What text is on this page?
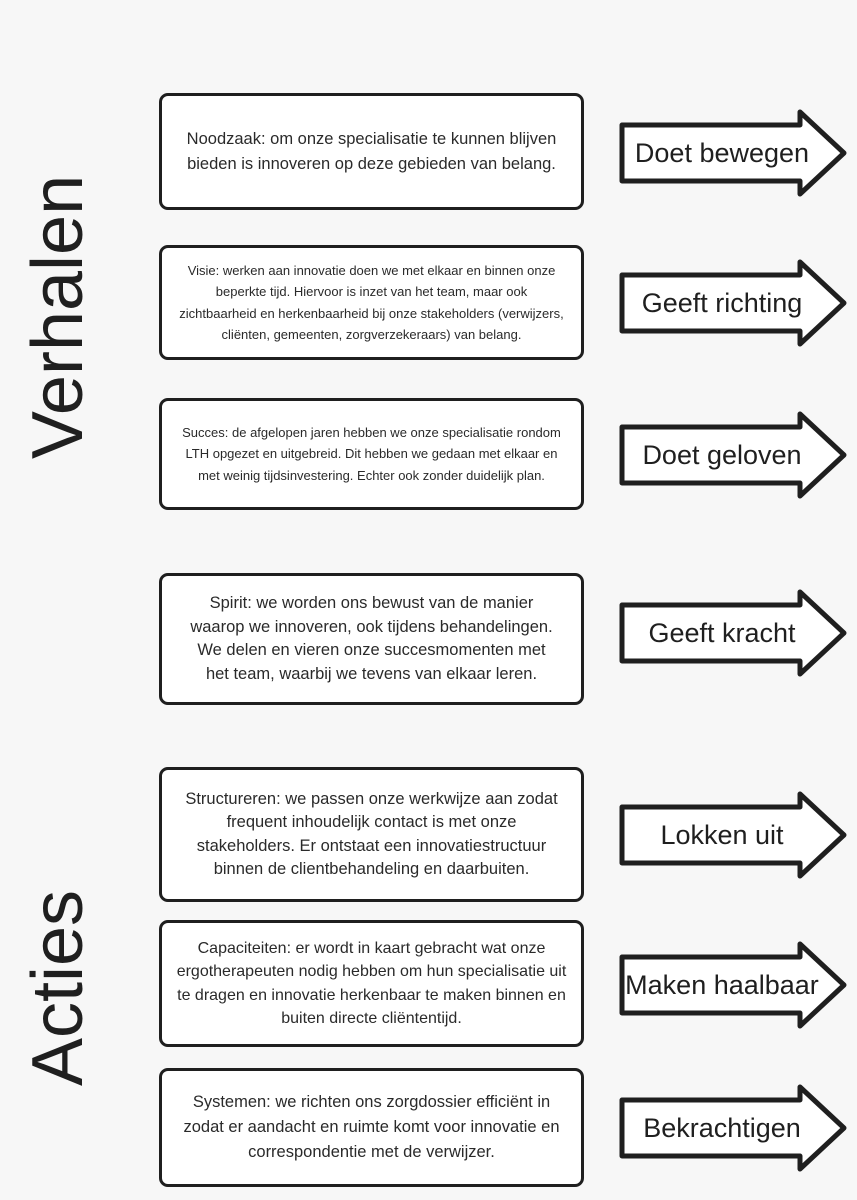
Verhalen
Acties
Noodzaak: om onze specialisatie te kunnen blijven bieden is innoveren op deze gebieden van belang.	Doet bewegen
Visie: werken aan innovatie doen we met elkaar en binnen onze beperkte tijd. Hiervoor is inzet van het team, maar ook zichtbaarheid en herkenbaarheid bij onze stakeholders (verwijzers, cliënten, gemeenten, zorgverzekeraars) van belang.
Geeft richting
Succes: de afgelopen jaren hebben we onze specialisatie rondom LTH opgezet en uitgebreid. Dit hebben we gedaan met elkaar en met weinig tijdsinvestering. Echter ook zonder duidelijk plan.
Doet geloven
Spirit: we worden ons bewust van de manier waarop we innoveren, ook tijdens behandelingen. We delen en vieren onze succesmomenten met het team, waarbij we tevens van elkaar leren.
Geeft kracht
Structureren: we passen onze werkwijze aan zodat frequent inhoudelijk contact is met onze stakeholders. Er ontstaat een innovatiestructuur binnen de clientbehandeling en daarbuiten.
Lokken uit
Capaciteiten: er wordt in kaart gebracht wat onze ergotherapeuten nodig hebben om hun specialisatie uit te dragen en innovatie herkenbaar te maken binnen en buiten directe cliëntentijd.
Maken haalbaar
Systemen: we richten ons zorgdossier efficiënt in zodat er aandacht en ruimte komt voor innovatie en correspondentie met de verwijzer.
Bekrachtigen
